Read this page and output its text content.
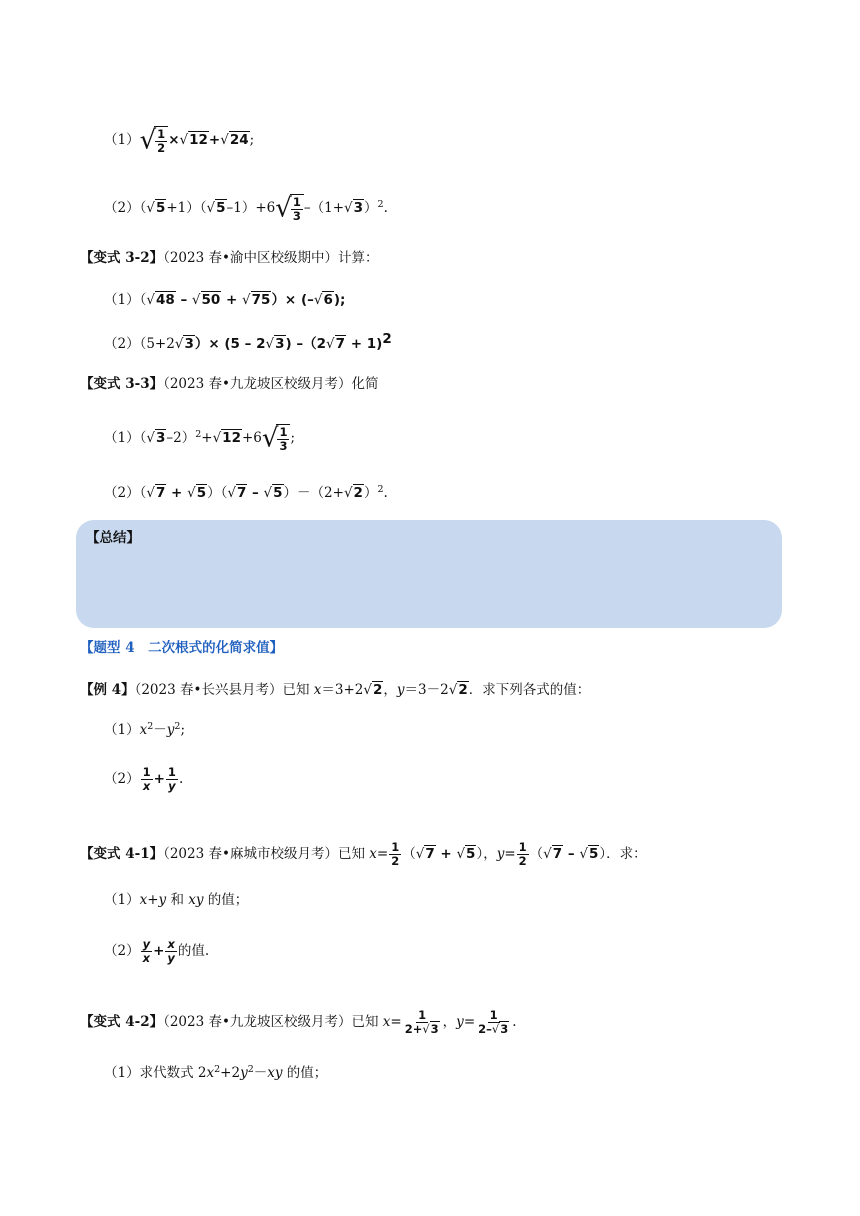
$(1)√ \frac{1}{2} \times√12+√24$;
$(2)(√5+1)(√5-1)+6√ \frac{1}{3} -(1+√3)^2$.
【变式 3-2】（2023 春•渝中区校级期中）计算：
（1）（√48 – √50 + √75）× (–√6);
（2）（5+2√3）× (5 – 2√3) –（2√7 + 1)$^2$
【变式 3-3】（2023 春•九龙坡区校级月考）化简
$(1)(√3-2)^2+√12+6√ \frac{1}{3}$ ;
$(2)(√7 + √5)(√7 - √5)-(2+√2)^2$.
【总结】
【题型 4　二次根式的化简求值】
【例 4】（2023 春•长兴县月考）已知 x＝3+2√2，y＝3－2√2．求下列各式的值：
$(1)x^2-y^2$;
$(2) \frac{1}{x} + \frac{1}{y}$ .
【变式 4-1】（2023 春•麻城市校级月考）已知 $x= \frac{1}{2} (√7 + √5)$，$y= \frac{1}{2} (√7 - √5)$．求：
（1）x+y 和 xy 的值；
$(2) \frac{y}{x} + \frac{x}{y}$ 的值.
【变式 4-2】（2023 春•九龙坡区校级月考）已知 $x= \frac{1}{2+√3}$ ，$y= \frac{1}{2-√3}$ .
（1）求代数式 $2x^2+2y^2-xy$ 的值；
